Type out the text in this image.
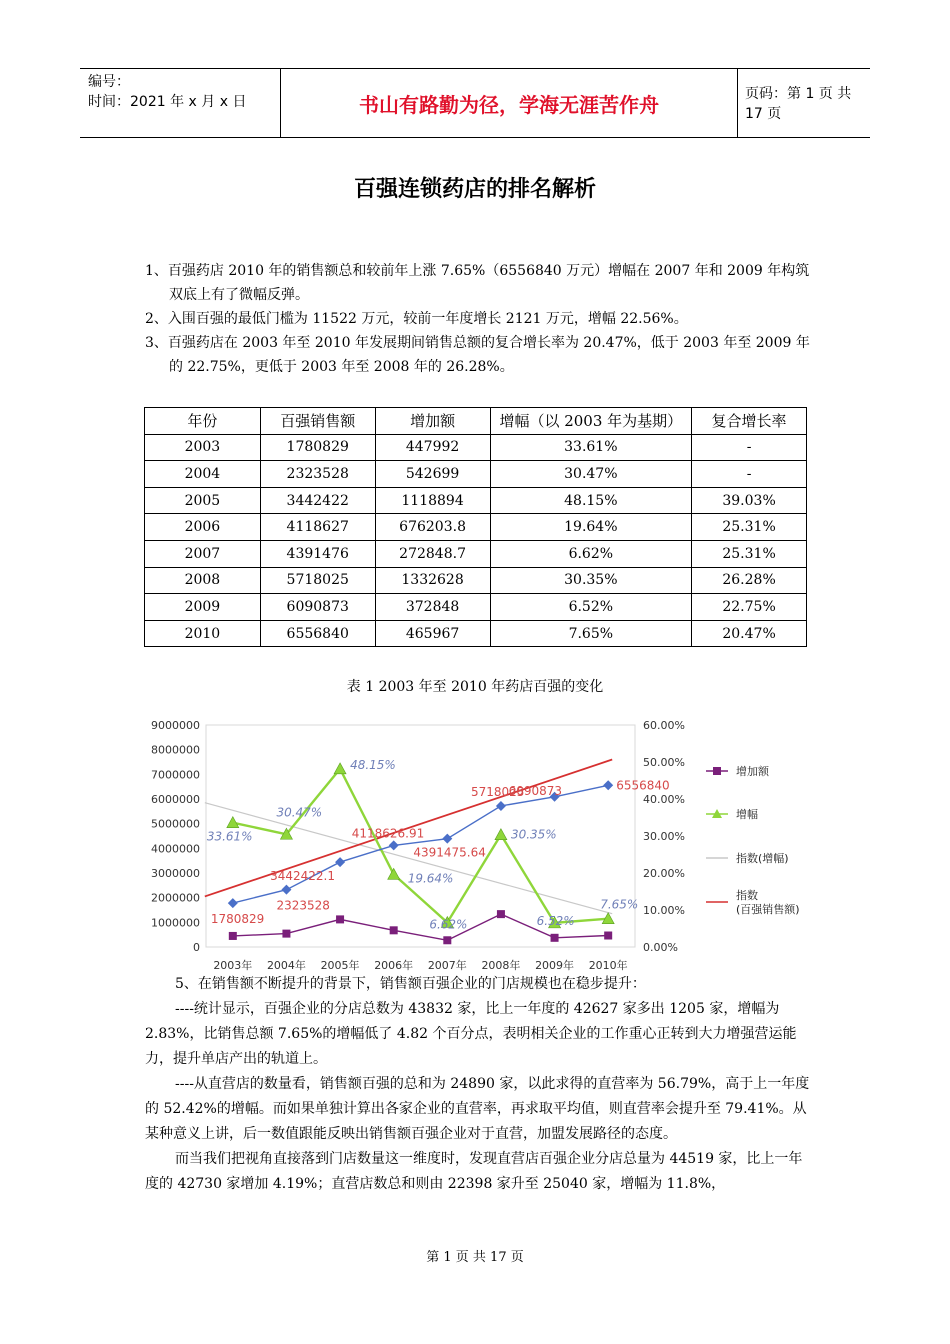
编号：
时间：2021 年 x 月 x 日	书山有路勤为径，学海无涯苦作舟	页码：第 1 页 共 17 页
百强连锁药店的排名解析
1、百强药店 2010 年的销售额总和较前年上涨 7.65%（6556840 万元）增幅在 2007 年和 2009 年构筑双底上有了微幅反弹。
2、入围百强的最低门槛为 11522 万元，较前一年度增长 2121 万元，增幅 22.56%。
3、百强药店在 2003 年至 2010 年发展期间销售总额的复合增长率为 20.47%，低于 2003 年至 2009 年的 22.75%，更低于 2003 年至 2008 年的 26.28%。
年份	百强销售额	增加额	增幅（以 2003 年为基期）	复合增长率
2003	1780829	447992	33.61%	-
2004	2323528	542699	30.47%	-
2005	3442422	1118894	48.15%	39.03%
2006	4118627	676203.8	19.64%	25.31%
2007	4391476	272848.7	6.62%	25.31%
2008	5718025	1332628	30.35%	26.28%
2009	6090873	372848	6.52%	22.75%
2010	6556840	465967	7.65%	20.47%
表 1 2003 年至 2010 年药店百强的变化
0
1000000
2000000
3000000
4000000
5000000
6000000
7000000
8000000
9000000
0.00%
10.00%
20.00%
30.00%
40.00%
50.00%
60.00%
2003年 2004年 2005年 2006年 2007年 2008年 2009年 2010年
33.61%
30.47%
48.15%
19.64%
6.62%
30.35%
6.52%
7.65%
1780829
2323528
3442422.1
4118626.91
4391475.64
5718025
6090873	6556840
增加额
增幅
指数(增幅)
指数
(百强销售额)

5、在销售额不断提升的背景下，销售额百强企业的门店规模也在稳步提升：

----统计显示，百强企业的分店总数为 43832 家，比上一年度的 42627 家多出 1205 家，增幅为 2.83%，比销售总额 7.65%的增幅低了 4.82 个百分点，表明相关企业的工作重心正转到大力增强营运能力，提升单店产出的轨道上。

----从直营店的数量看，销售额百强的总和为 24890 家，以此求得的直营率为 56.79%，高于上一年度的 52.42%的增幅。而如果单独计算出各家企业的直营率，再求取平均值，则直营率会提升至 79.41%。从某种意义上讲，后一数值跟能反映出销售额百强企业对于直营，加盟发展路径的态度。

而当我们把视角直接落到门店数量这一维度时，发现直营店百强企业分店总量为 44519 家，比上一年度的 42730 家增加 4.19%；直营店数总和则由 22398 家升至 25040 家，增幅为 11.8%，

第 1 页 共 17 页
